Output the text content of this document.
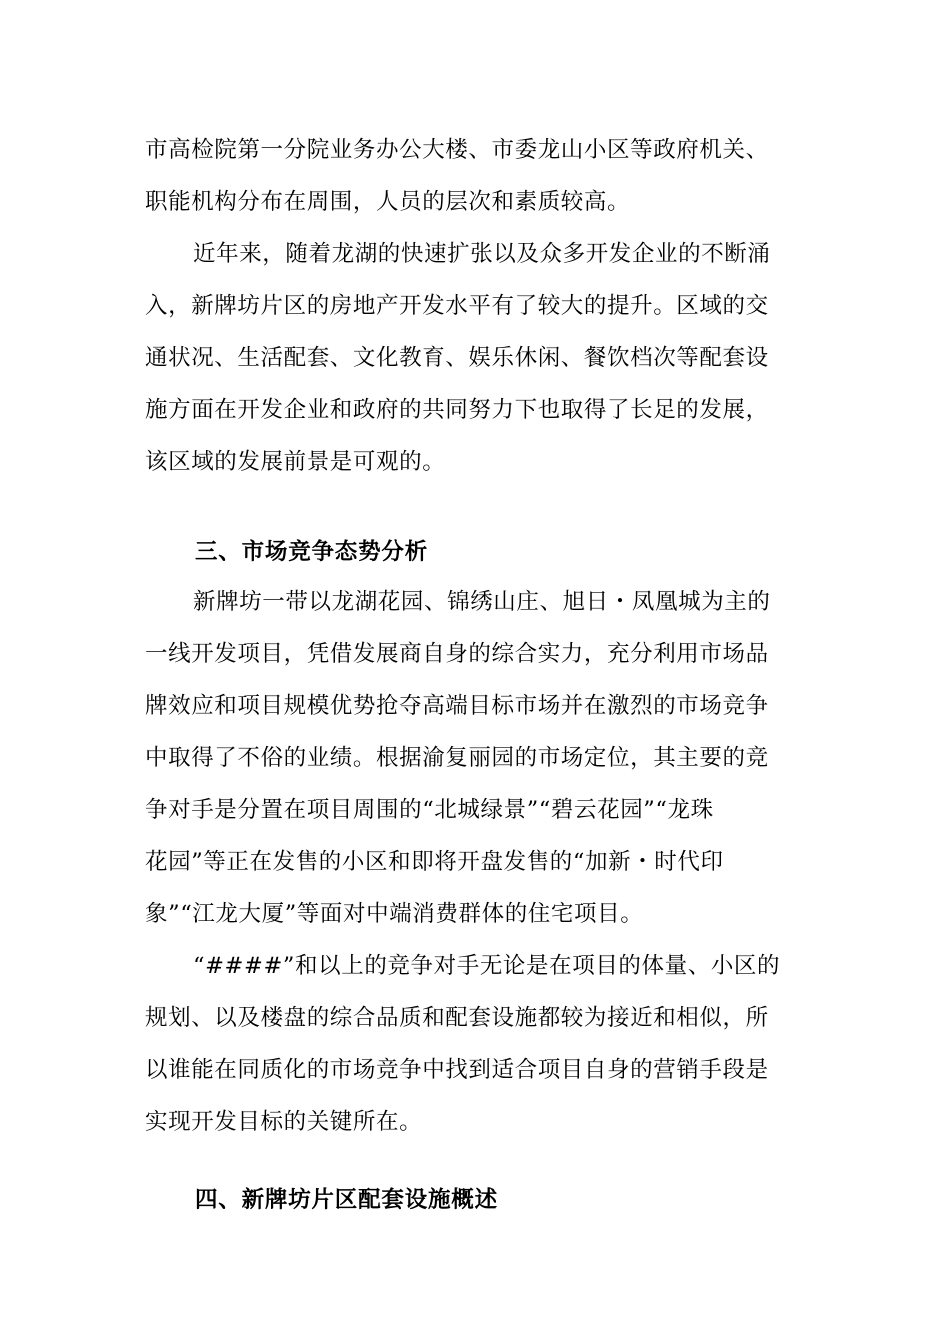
市高检院第一分院业务办公大楼、市委龙山小区等政府机关、
职能机构分布在周围，人员的层次和素质较高。
近年来，随着龙湖的快速扩张以及众多开发企业的不断涌
入，新牌坊片区的房地产开发水平有了较大的提升。区域的交
通状况、生活配套、文化教育、娱乐休闲、餐饮档次等配套设
施方面在开发企业和政府的共同努力下也取得了长足的发展，
该区域的发展前景是可观的。
三、市场竞争态势分析
新牌坊一带以龙湖花园、锦绣山庄、旭日・凤凰城为主的
一线开发项目，凭借发展商自身的综合实力，充分利用市场品
牌效应和项目规模优势抢夺高端目标市场并在激烈的市场竞争
中取得了不俗的业绩。根据渝复丽园的市场定位，其主要的竞
争对手是分置在项目周围的“北城绿景”“碧云花园”“龙珠
花园”等正在发售的小区和即将开盘发售的“加新・时代印
象”“江龙大厦”等面对中端消费群体的住宅项目。
“####”和以上的竞争对手无论是在项目的体量、小区的
规划、以及楼盘的综合品质和配套设施都较为接近和相似，所
以谁能在同质化的市场竞争中找到适合项目自身的营销手段是
实现开发目标的关键所在。
四、新牌坊片区配套设施概述
